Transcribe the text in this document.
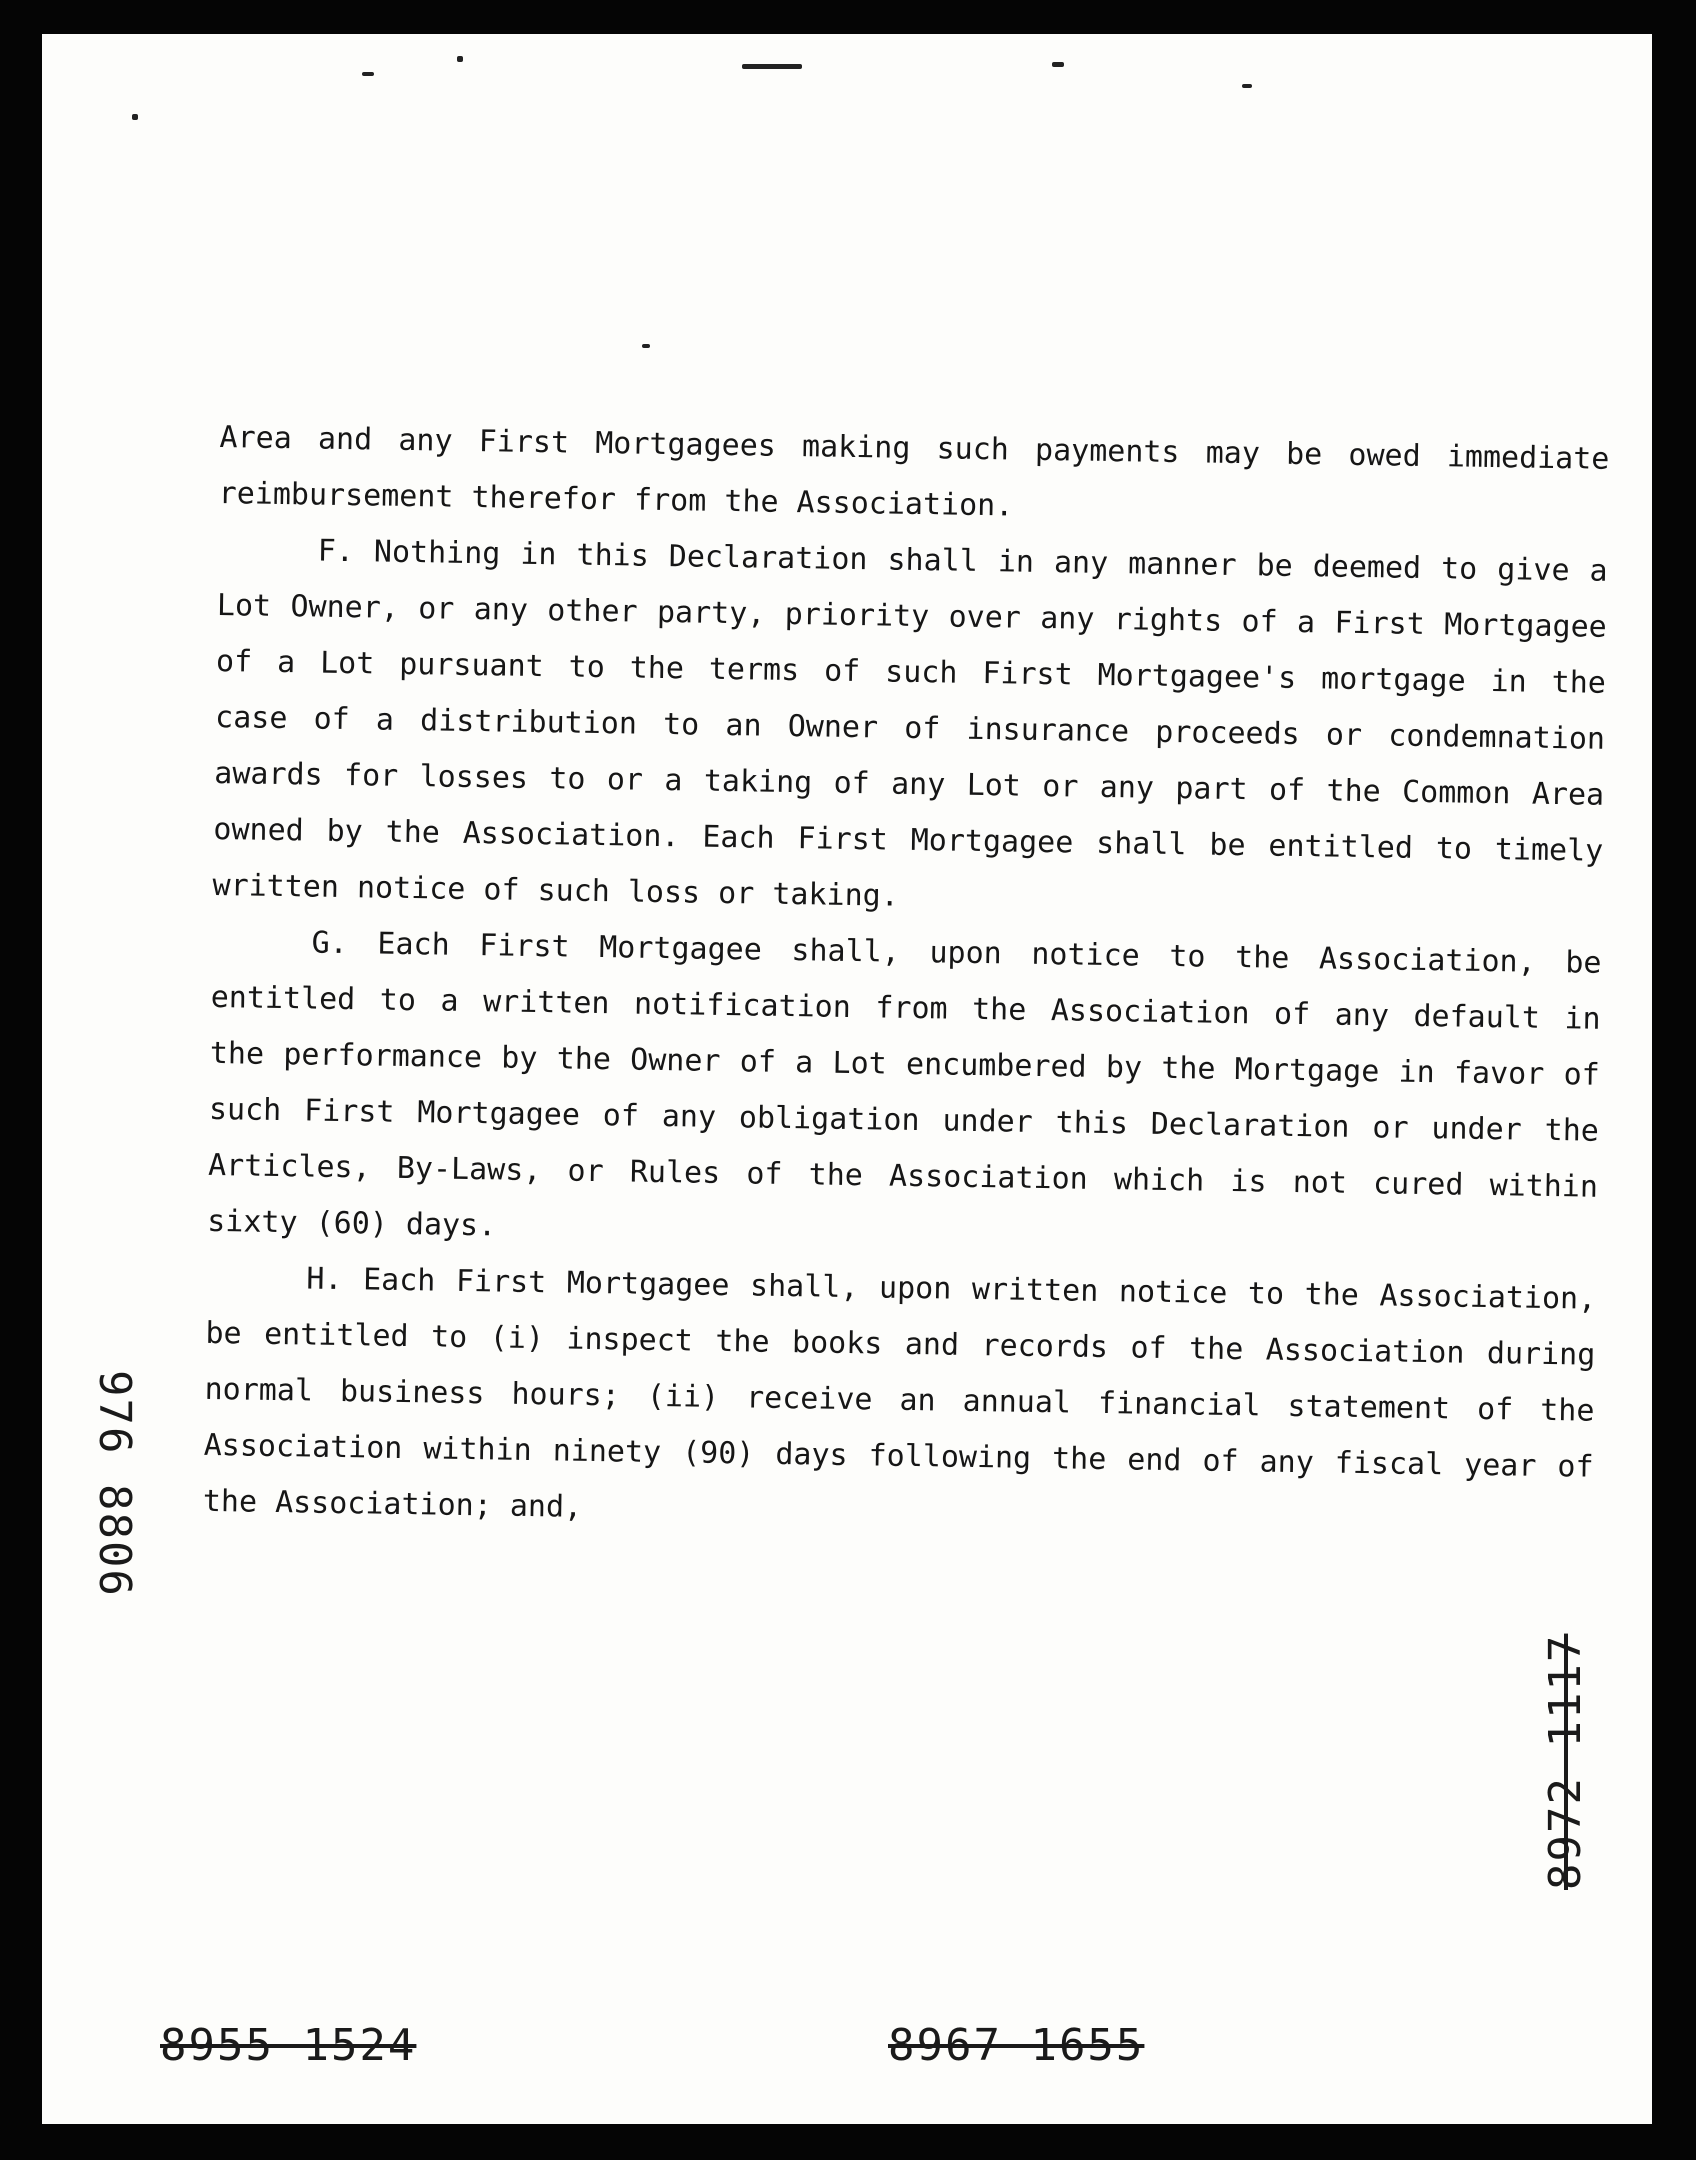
Area and any First Mortgagees making such payments may be owed immediate reimbursement therefor from the Association.

F. Nothing in this Declaration shall in any manner be deemed to give a Lot Owner, or any other party, priority over any rights of a First Mortgagee of a Lot pursuant to the terms of such First Mortgagee's mortgage in the case of a distribution to an Owner of insurance proceeds or condemnation awards for losses to or a taking of any Lot or any part of the Common Area owned by the Association. Each First Mortgagee shall be entitled to timely written notice of such loss or taking.

G. Each First Mortgagee shall, upon notice to the Association, be entitled to a written notification from the Association of any default in the performance by the Owner of a Lot encumbered by the Mortgage in favor of such First Mortgagee of any obligation under this Declaration or under the Articles, By-Laws, or Rules of the Association which is not cured within sixty (60) days.

H. Each First Mortgagee shall, upon written notice to the Association, be entitled to (i) inspect the books and records of the Association during normal business hours; (ii) receive an annual financial statement of the Association within ninety (90) days following the end of any fiscal year of the Association; and,

976 8806
8972 1117
8955 1524	8967 1655
